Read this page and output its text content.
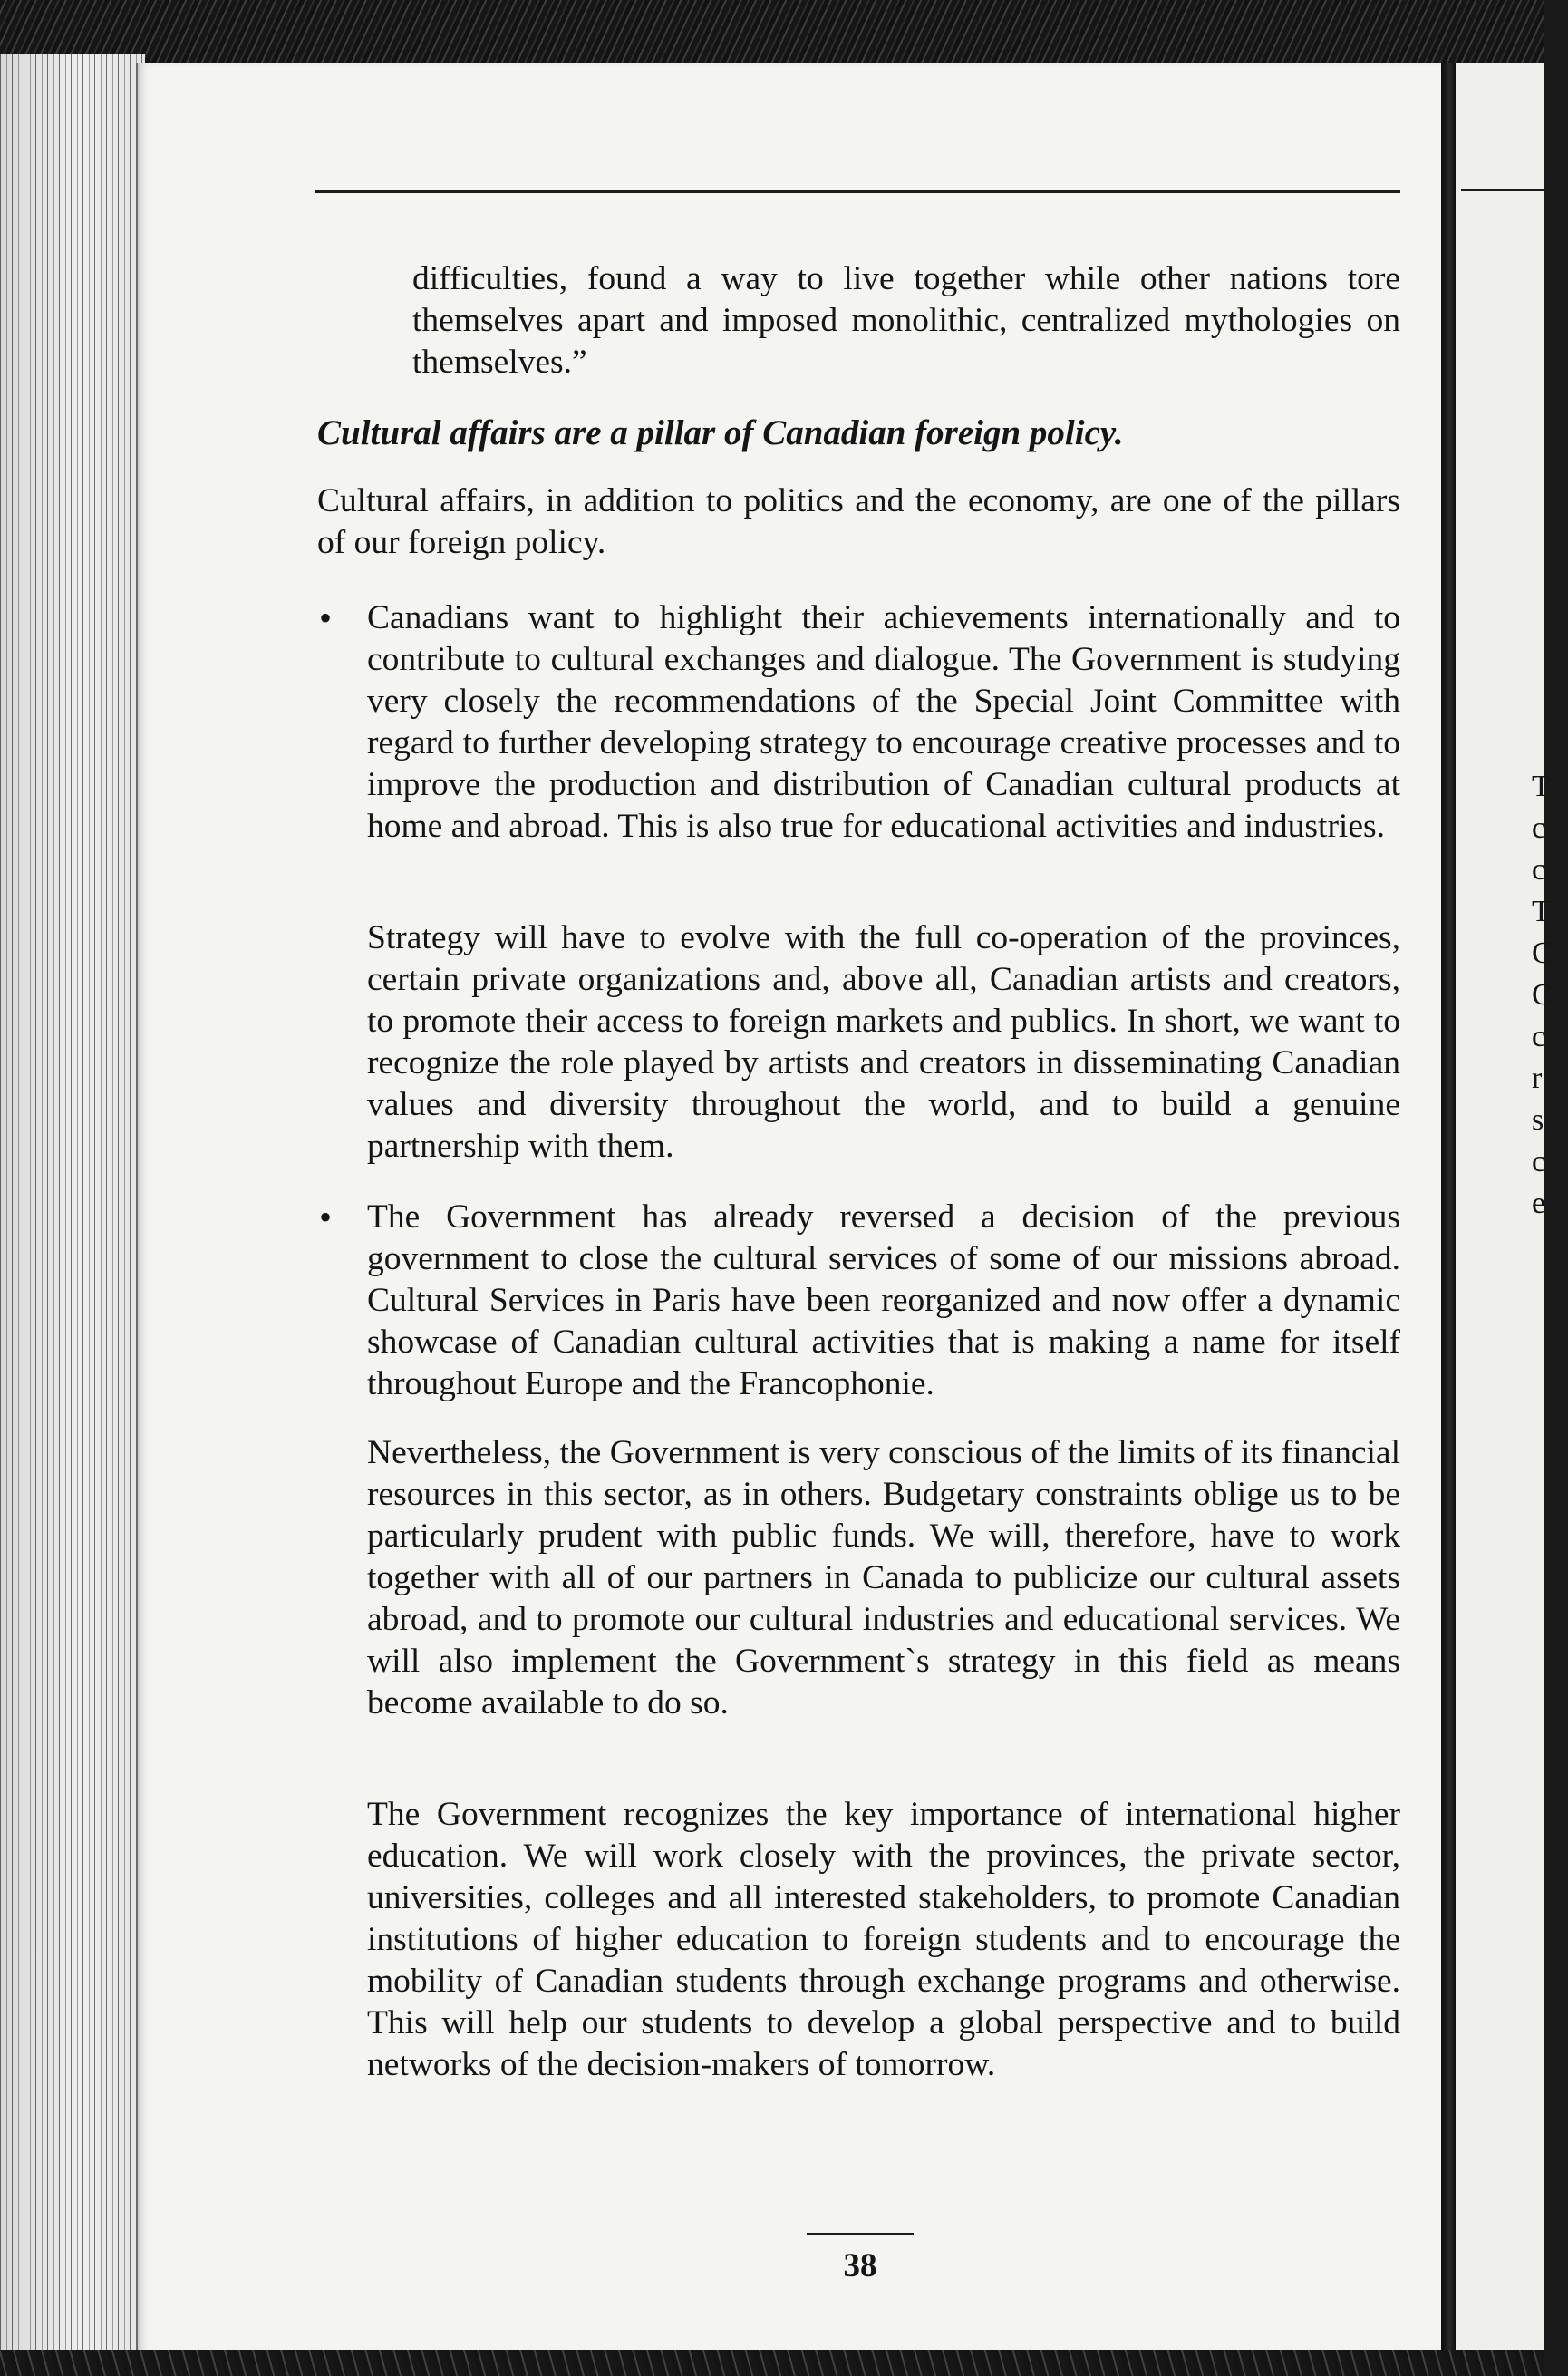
T
c
c
T
C
C
c
r
s
c
e

difficulties, found a way to live together while other nations tore themselves apart and imposed monolithic, centralized mythologies on themselves.”

Cultural affairs are a pillar of Canadian foreign policy.

Cultural affairs, in addition to politics and the economy, are one of the pillars of our foreign policy.

• Canadians want to highlight their achievements internationally and to contribute to cultural exchanges and dialogue. The Government is studying very closely the recommendations of the Special Joint Committee with regard to further developing strategy to encourage creative processes and to improve the production and distribution of Canadian cultural products at home and abroad. This is also true for educational activities and industries.

Strategy will have to evolve with the full co-operation of the provinces, certain private organizations and, above all, Canadian artists and creators, to promote their access to foreign markets and publics. In short, we want to recognize the role played by artists and creators in disseminating Canadian values and diversity throughout the world, and to build a genuine partnership with them.

• The Government has already reversed a decision of the previous government to close the cultural services of some of our missions abroad. Cultural Services in Paris have been reorganized and now offer a dynamic showcase of Canadian cultural activities that is making a name for itself throughout Europe and the Francophonie.

Nevertheless, the Government is very conscious of the limits of its financial resources in this sector, as in others. Budgetary constraints oblige us to be particularly prudent with public funds. We will, therefore, have to work together with all of our partners in Canada to publicize our cultural assets abroad, and to promote our cultural industries and educational services. We will also implement the Government`s strategy in this field as means become available to do so.

The Government recognizes the key importance of international higher education. We will work closely with the provinces, the private sector, universities, colleges and all interested stakeholders, to promote Canadian institutions of higher education to foreign students and to encourage the mobility of Canadian students through exchange programs and otherwise. This will help our students to develop a global perspective and to build networks of the decision-makers of tomorrow.

38
